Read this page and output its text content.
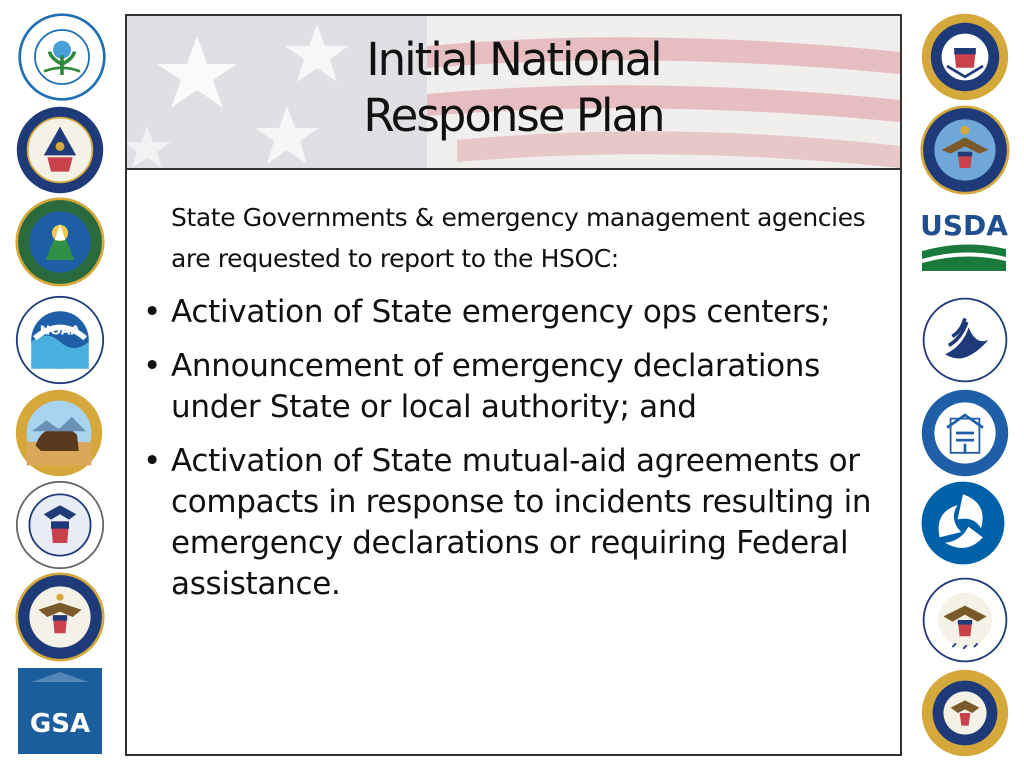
NOAA
GSA
USDA
Initial National
Response Plan

State Governments & emergency management agencies are requested to report to the HSOC:

• Activation of State emergency ops centers;
• Announcement of emergency declarations under State or local authority; and
• Activation of State mutual-aid agreements or compacts in response to incidents resulting in emergency declarations or requiring Federal assistance.
